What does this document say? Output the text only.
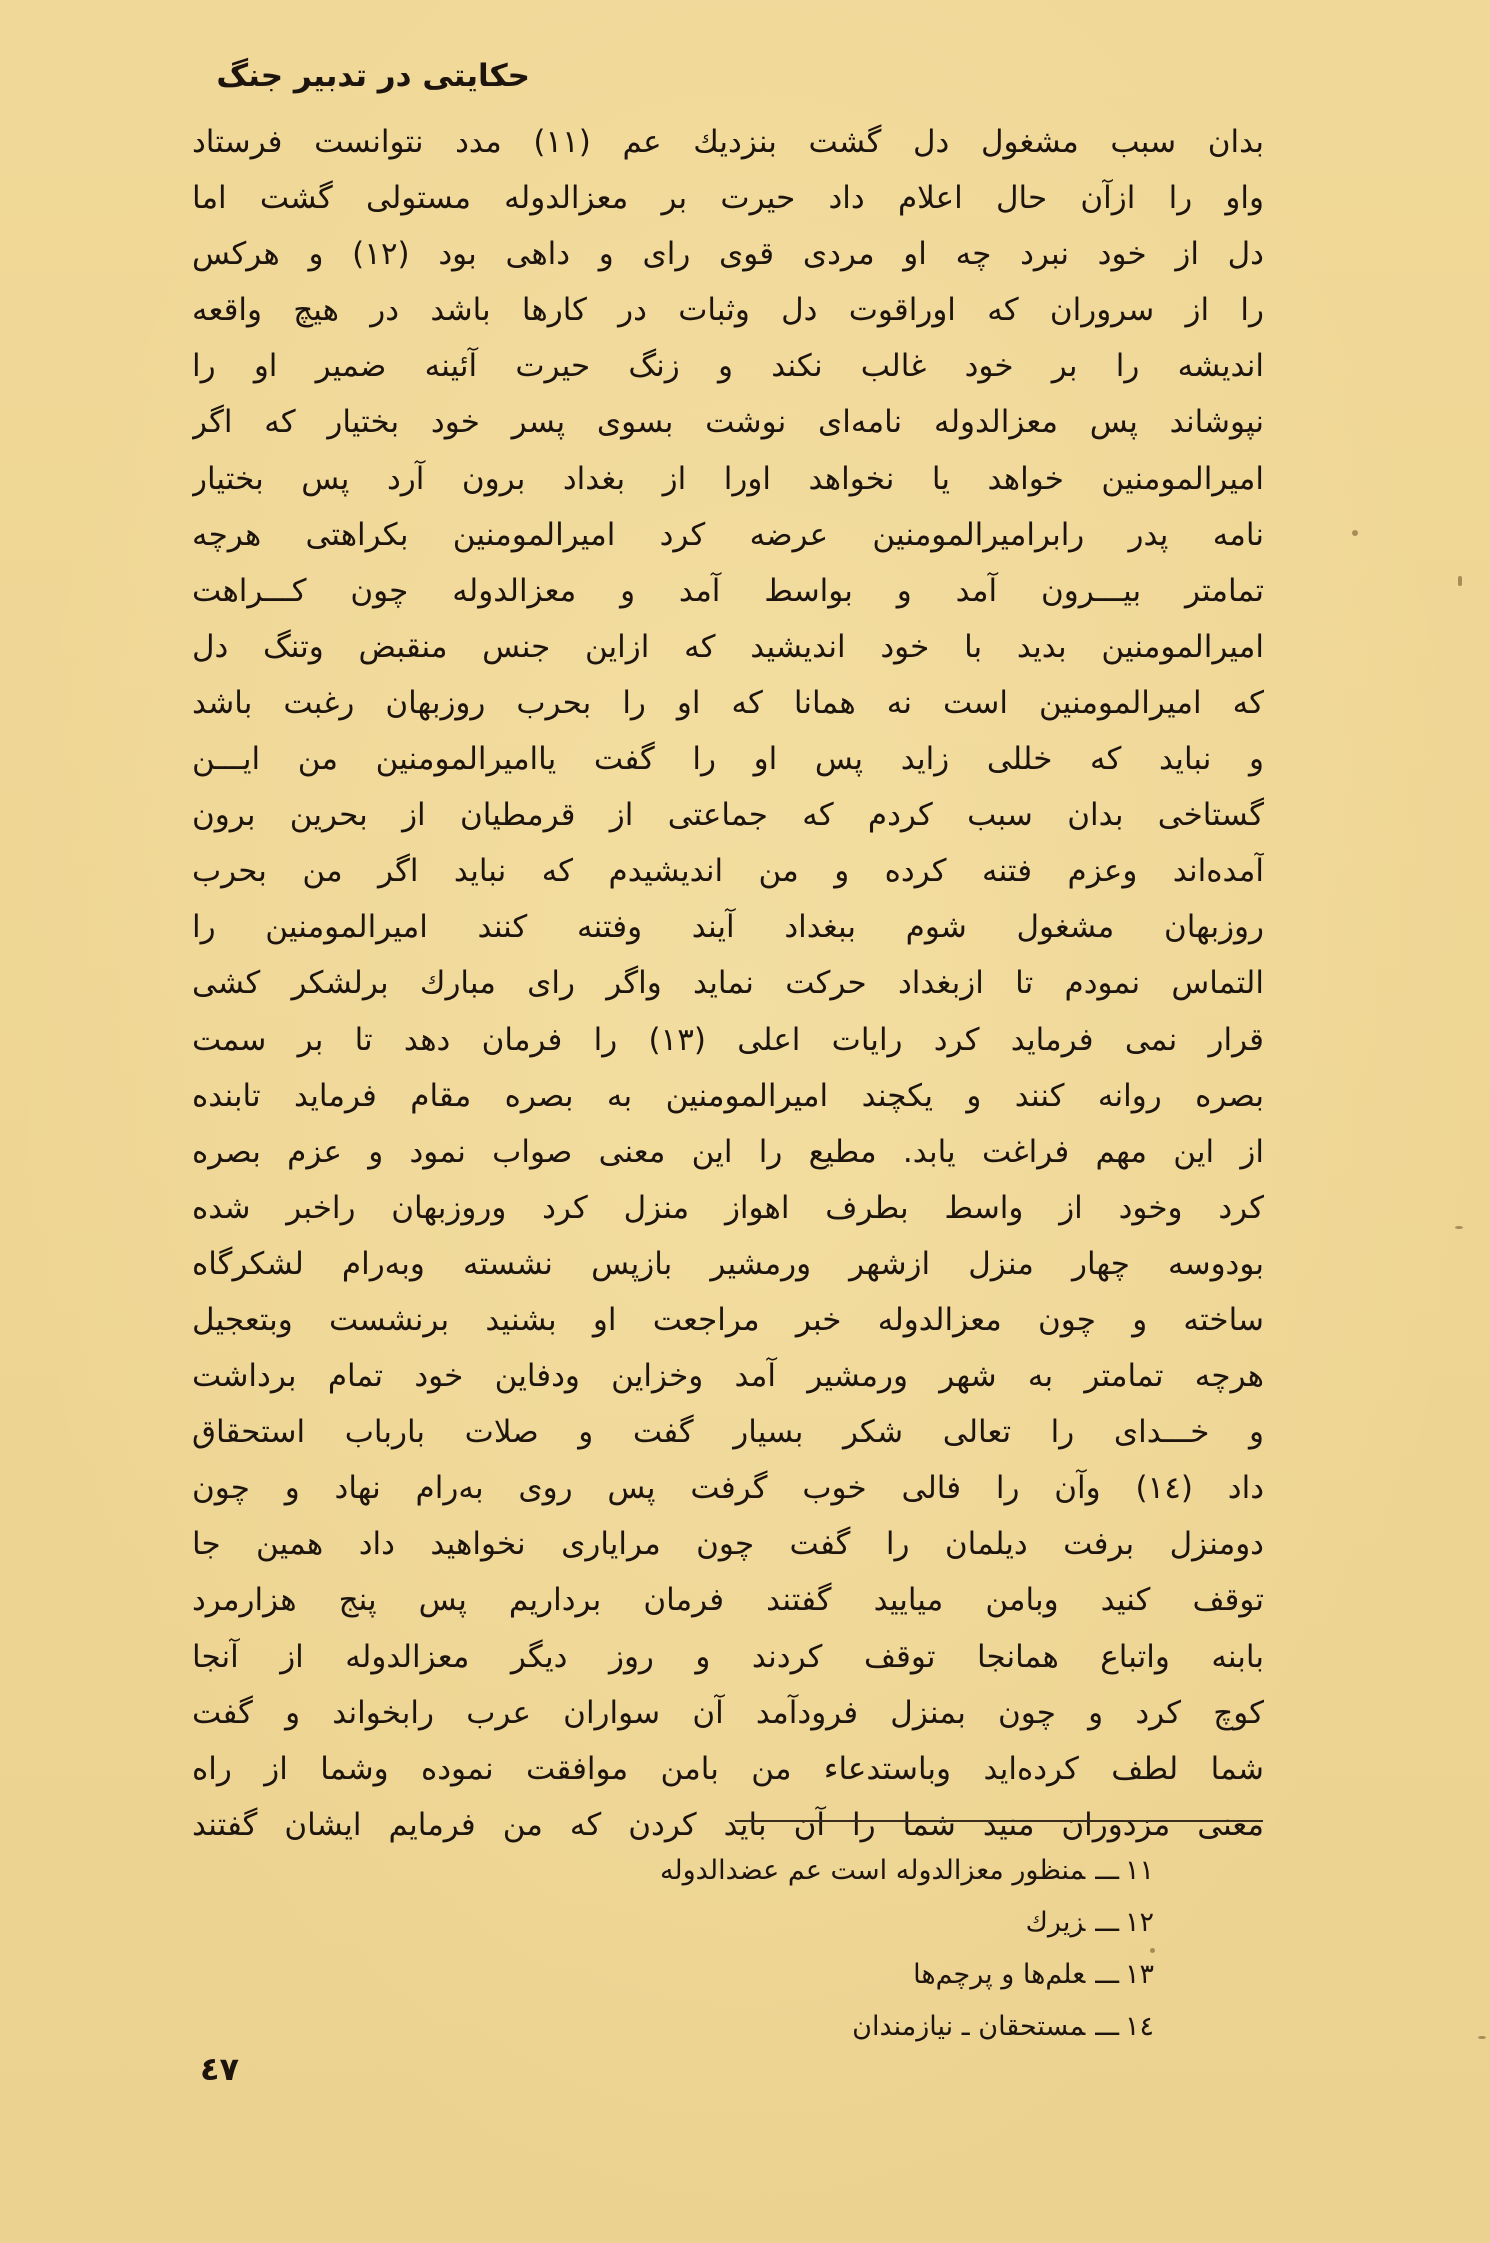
حکایتی در تدبیر جنگ
بدان سبب مشغول دل گشت بنزدیك عم (۱۱) مدد نتوانست فرستاد
واو را ازآن حال اعلام داد حیرت بر معزالدوله مستولی گشت اما
دل از خود نبرد چه او مردی قوی رای و داهی بود (۱۲) و هرکس
را از سروران که اوراقوت دل وثبات در کارها باشد در هیچ واقعه
اندیشه را بر خود غالب نکند و زنگ حیرت آئینه ضمیر او را
نپوشاند پس معزالدوله نامه‌ای نوشت بسوی پسر خود بختیار که اگر
امیرالمومنین خواهد یا نخواهد اورا از بغداد برون آرد پس بختیار
نامه پدر رابرامیرالمومنین عرضه کرد امیرالمومنین بکراهتی هرچه
تمامتر بیـــرون آمد و بواسط آمد و معزالدوله چون کـــراهت
امیرالمومنین بدید با خود اندیشید که ازاین جنس منقبض وتنگ دل
که امیرالمومنین است نه همانا که او را بحرب روزبهان رغبت باشد
و نباید که خللی زاید پس او را گفت یاامیرالمومنین من ایـــن
گستاخی بدان سبب کردم که جماعتی از قرمطیان از بحرین برون
آمده‌اند وعزم فتنه کرده و من اندیشیدم که نباید اگر من بحرب
روزبهان مشغول شوم ببغداد آیند وفتنه کنند امیرالمومنین را
التماس نمودم تا ازبغداد حرکت نماید واگر رای مبارك برلشکر کشی
قرار نمی فرماید کرد رایات اعلی (۱۳) را فرمان دهد تا بر سمت
بصره روانه کنند و یکچند امیرالمومنین به بصره مقام فرماید تابنده
از این مهم فراغت یابد. مطیع را این معنی صواب نمود و عزم بصره
کرد وخود از واسط بطرف اهواز منزل کرد وروزبهان راخبر شده
بودوسه چهار منزل ازشهر ورمشیر بازپس نشسته وبه‌رام لشکرگاه
ساخته و چون معزالدوله خبر مراجعت او بشنید برنشست وبتعجیل
هرچه تمامتر به شهر ورمشیر آمد وخزاین ودفاین خود تمام برداشت
و خـــدای را تعالی شکر بسیار گفت و صلات بارباب استحقاق
داد (۱٤) وآن را فالی خوب گرفت پس روی به‌رام نهاد و چون
دومنزل برفت دیلمان را گفت چون مرایاری نخواهید داد همین جا
توقف کنید وبامن میایید گفتند فرمان برداریم پس پنج هزارمرد
بابنه واتباع همانجا توقف کردند و روز دیگر معزالدوله از آنجا
کوچ کرد و چون بمنزل فرودآمد آن سواران عرب رابخواند و گفت
شما لطف کرده‌اید وباستدعاء من بامن موافقت نموده وشما از راه
معنی مزدوران منید شما را آن باید کردن که من فرمایم ایشان گفتند
۱۱ـــمنظور معزالدوله است عم عضدالدوله
۱۲ـــزیرك
۱۳ـــعلم‌ها و پرچم‌ها
۱٤ـــمستحقان ـ نیازمندان
٤٧
